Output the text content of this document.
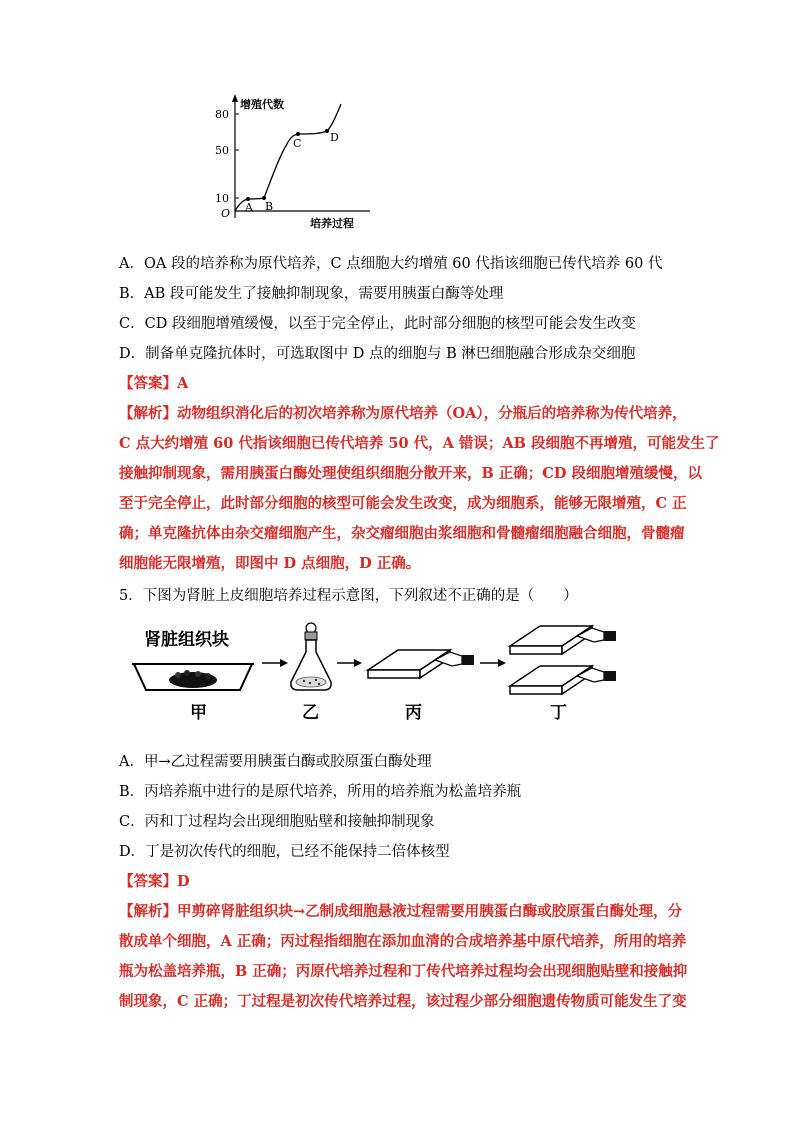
80
50
10
O
增殖代数
培养过程
A B
C	D
A．OA 段的培养称为原代培养，C 点细胞大约增殖 60 代指该细胞已传代培养 60 代
B．AB 段可能发生了接触抑制现象，需要用胰蛋白酶等处理
C．CD 段细胞增殖缓慢，以至于完全停止，此时部分细胞的核型可能会发生改变
D．制备单克隆抗体时，可选取图中 D 点的细胞与 B 淋巴细胞融合形成杂交细胞
【答案】A
【解析】动物组织消化后的初次培养称为原代培养（OA），分瓶后的培养称为传代培养，
C 点大约增殖 60 代指该细胞已传代培养 50 代，A 错误；AB 段细胞不再增殖，可能发生了
接触抑制现象，需用胰蛋白酶处理使组织细胞分散开来，B 正确；CD 段细胞增殖缓慢，以
至于完全停止，此时部分细胞的核型可能会发生改变，成为细胞系，能够无限增殖，C 正
确；单克隆抗体由杂交瘤细胞产生，杂交瘤细胞由浆细胞和骨髓瘤细胞融合细胞，骨髓瘤
细胞能无限增殖，即图中 D 点细胞，D 正确。
5．下图为肾脏上皮细胞培养过程示意图，下列叙述不正确的是（　　）
肾脏组织块
甲	乙	丙	丁
A．甲→乙过程需要用胰蛋白酶或胶原蛋白酶处理
B．丙培养瓶中进行的是原代培养，所用的培养瓶为松盖培养瓶
C．丙和丁过程均会出现细胞贴壁和接触抑制现象
D．丁是初次传代的细胞，已经不能保持二倍体核型
【答案】D
【解析】甲剪碎肾脏组织块→乙制成细胞悬液过程需要用胰蛋白酶或胶原蛋白酶处理，分
散成单个细胞，A 正确；丙过程指细胞在添加血清的合成培养基中原代培养，所用的培养
瓶为松盖培养瓶，B 正确；丙原代培养过程和丁传代培养过程均会出现细胞贴壁和接触抑
制现象，C 正确；丁过程是初次传代培养过程，该过程少部分细胞遗传物质可能发生了变
